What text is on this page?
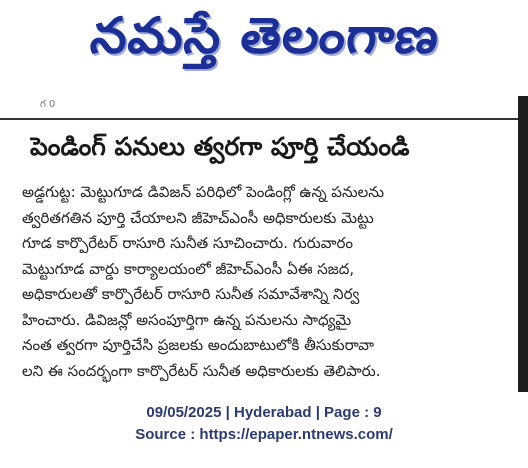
నమస్తే తెలంగాణ
గ 0
పెండింగ్ పనులు త్వరగా పూర్తి చేయండి
అడ్డగుట్ట: మెట్టుగూడ డివిజన్ పరిధిలో పెండింగ్లో ఉన్న పనులను
త్వరితగతిన పూర్తి చేయాలని జీహెచ్ఎంసీ అధికారులకు మెట్టు
గూడ కార్పొరేటర్ రాసూరి సునీత సూచించారు. గురువారం
మెట్టుగూడ వార్డు కార్యాలయంలో జీహెచ్ఎంసీ ఏఈ సజద,
అధికారులతో కార్పొరేటర్ రాసూరి సునీత సమావేశాన్ని నిర్వ
హించారు. డివిజన్లో అసంపూర్తిగా ఉన్న పనులను సాధ్యమై
నంత త్వరగా పూర్తిచేసి ప్రజలకు అందుబాటులోకి తీసుకురావా
లని ఈ సందర్భంగా కార్పొరేటర్ సునీత అధికారులకు తెలిపారు.
09/05/2025 | Hyderabad | Page : 9
Source : https://epaper.ntnews.com/
